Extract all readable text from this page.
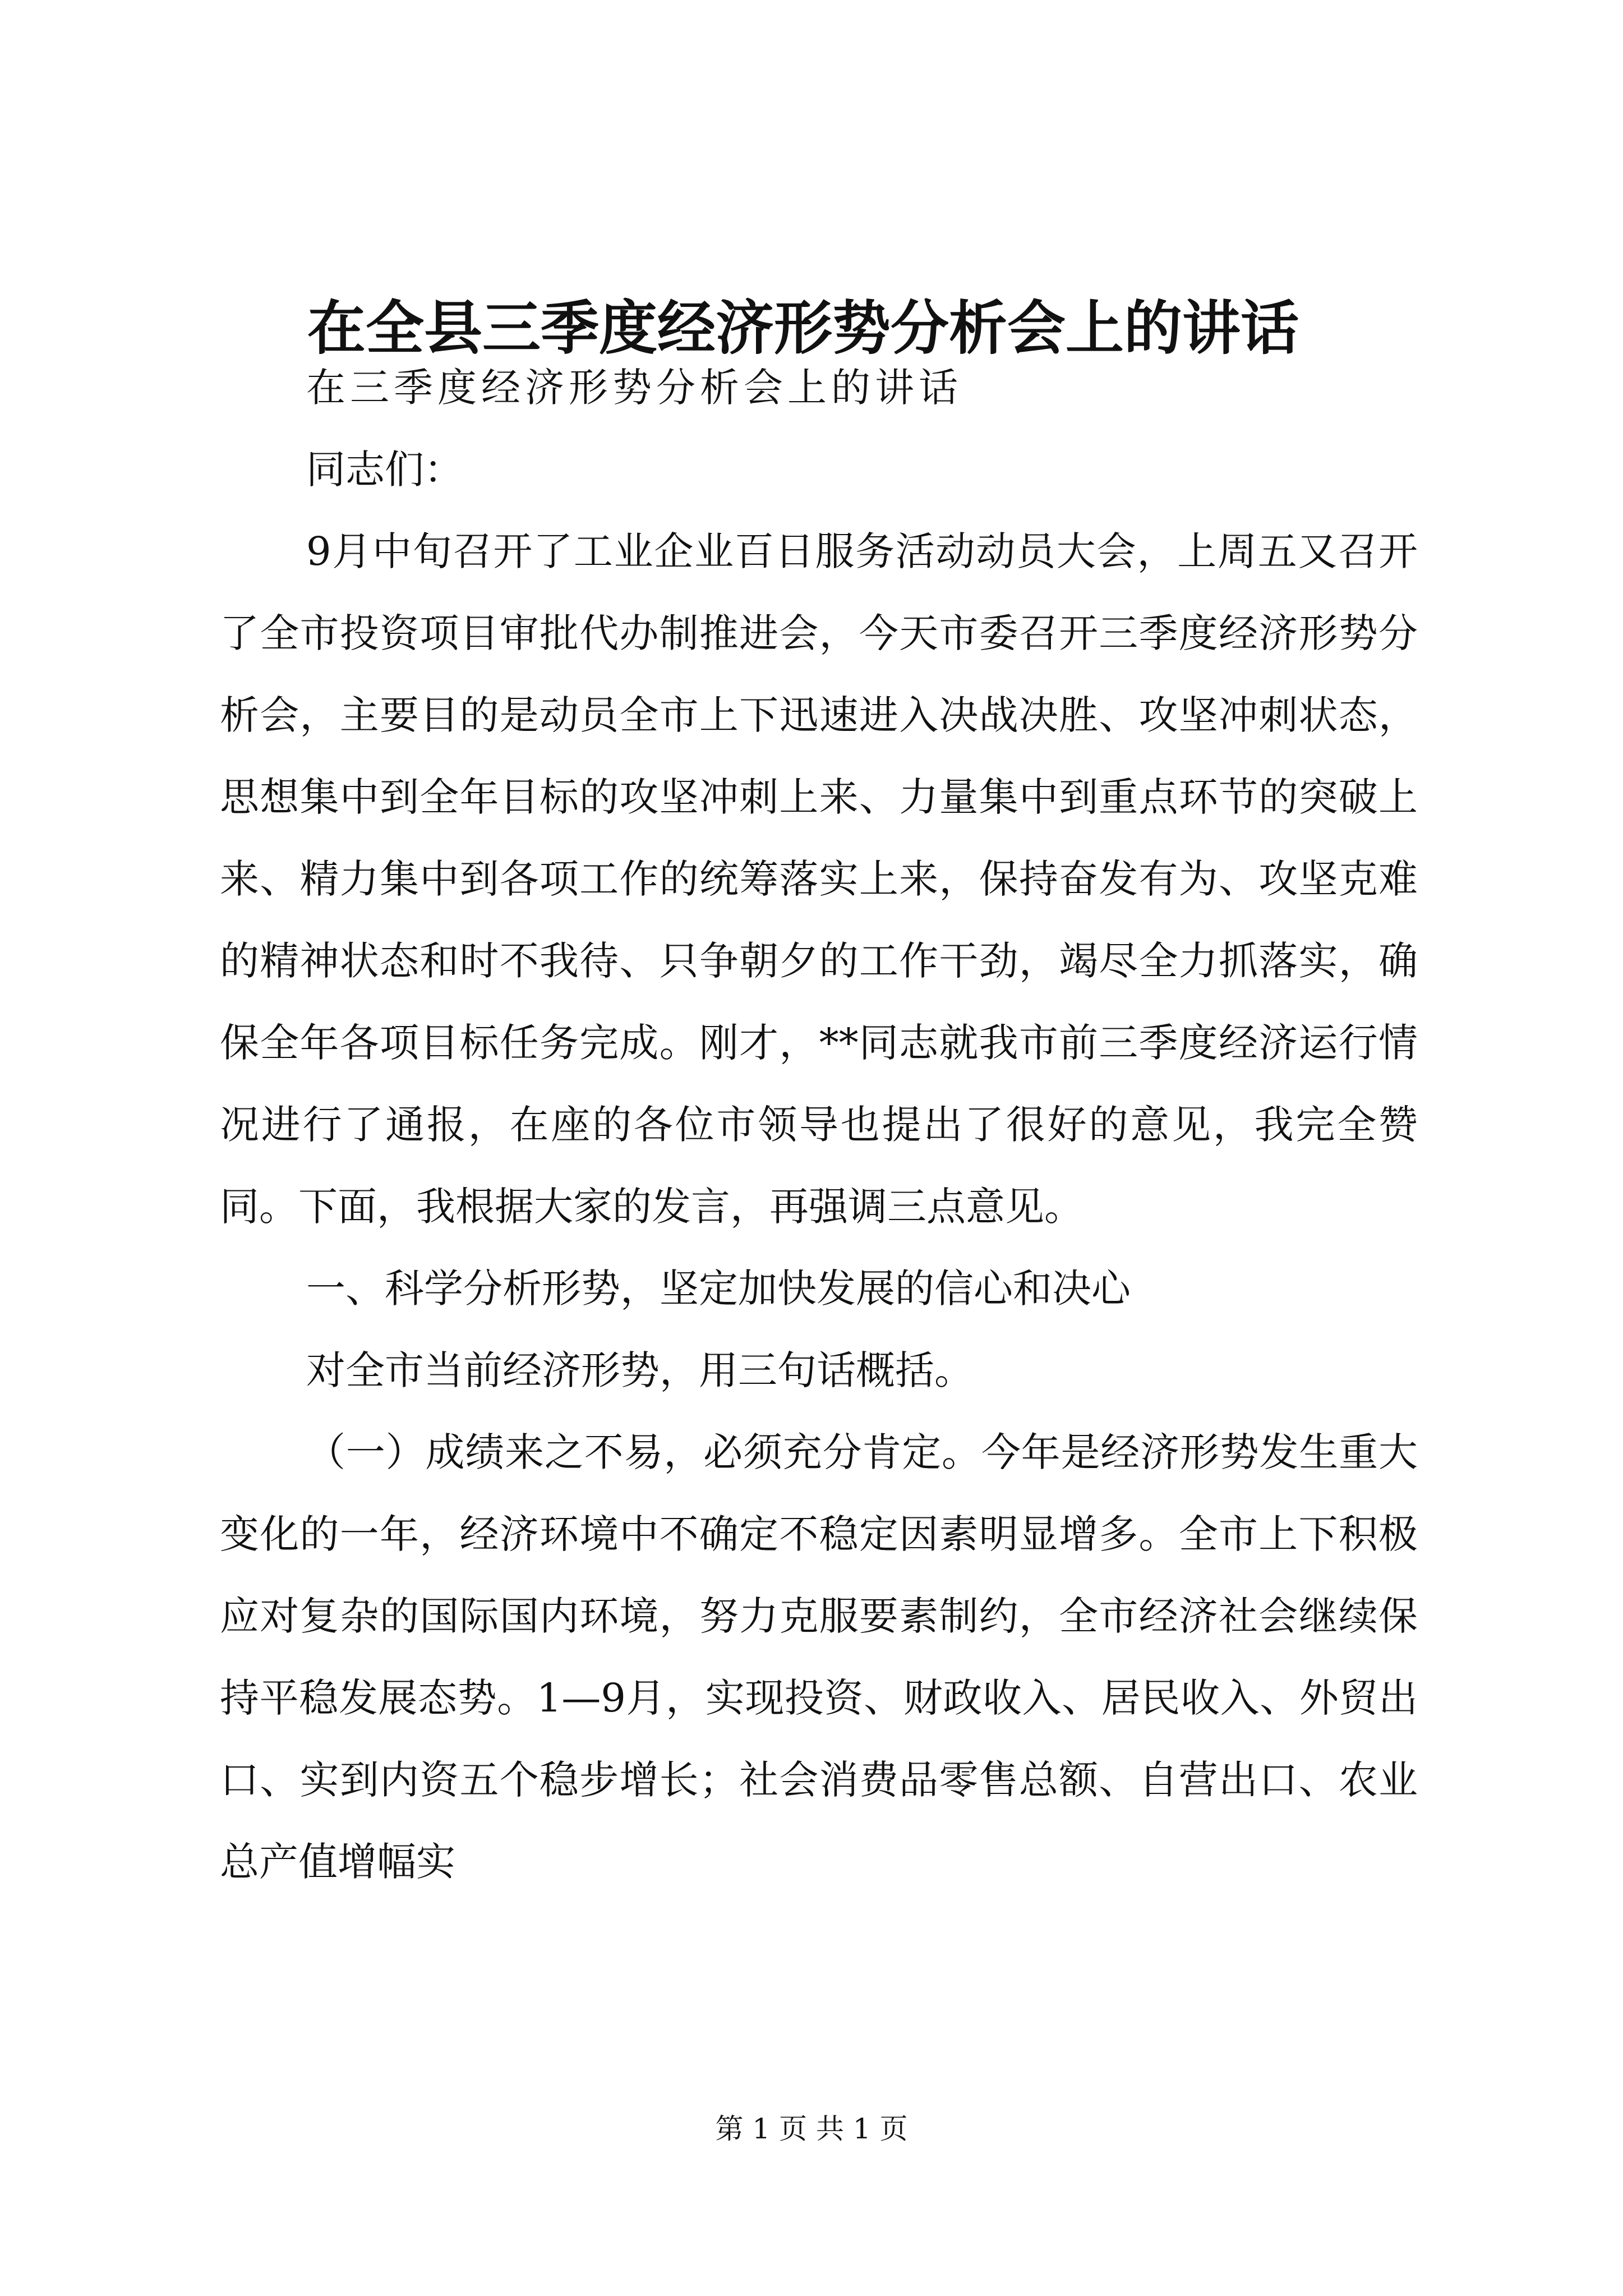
在全县三季度经济形势分析会上的讲话

在三季度经济形势分析会上的讲话

同志们：

9月中旬召开了工业企业百日服务活动动员大会，上周五又召开了全市投资项目审批代办制推进会，今天市委召开三季度经济形势分析会，主要目的是动员全市上下迅速进入决战决胜、攻坚冲刺状态，思想集中到全年目标的攻坚冲刺上来、力量集中到重点环节的突破上来、精力集中到各项工作的统筹落实上来，保持奋发有为、攻坚克难的精神状态和时不我待、只争朝夕的工作干劲，竭尽全力抓落实，确保全年各项目标任务完成。刚才，**同志就我市前三季度经济运行情况进行了通报，在座的各位市领导也提出了很好的意见，我完全赞同。下面，我根据大家的发言，再强调三点意见。

一、科学分析形势，坚定加快发展的信心和决心

对全市当前经济形势，用三句话概括。

（一）成绩来之不易，必须充分肯定。今年是经济形势发生重大变化的一年，经济环境中不确定不稳定因素明显增多。全市上下积极应对复杂的国际国内环境，努力克服要素制约，全市经济社会继续保持平稳发展态势。1—9月，实现投资、财政收入、居民收入、外贸出口、实到内资五个稳步增长；社会消费品零售总额、自营出口、农业总产值增幅实

第 1 页 共 1 页
